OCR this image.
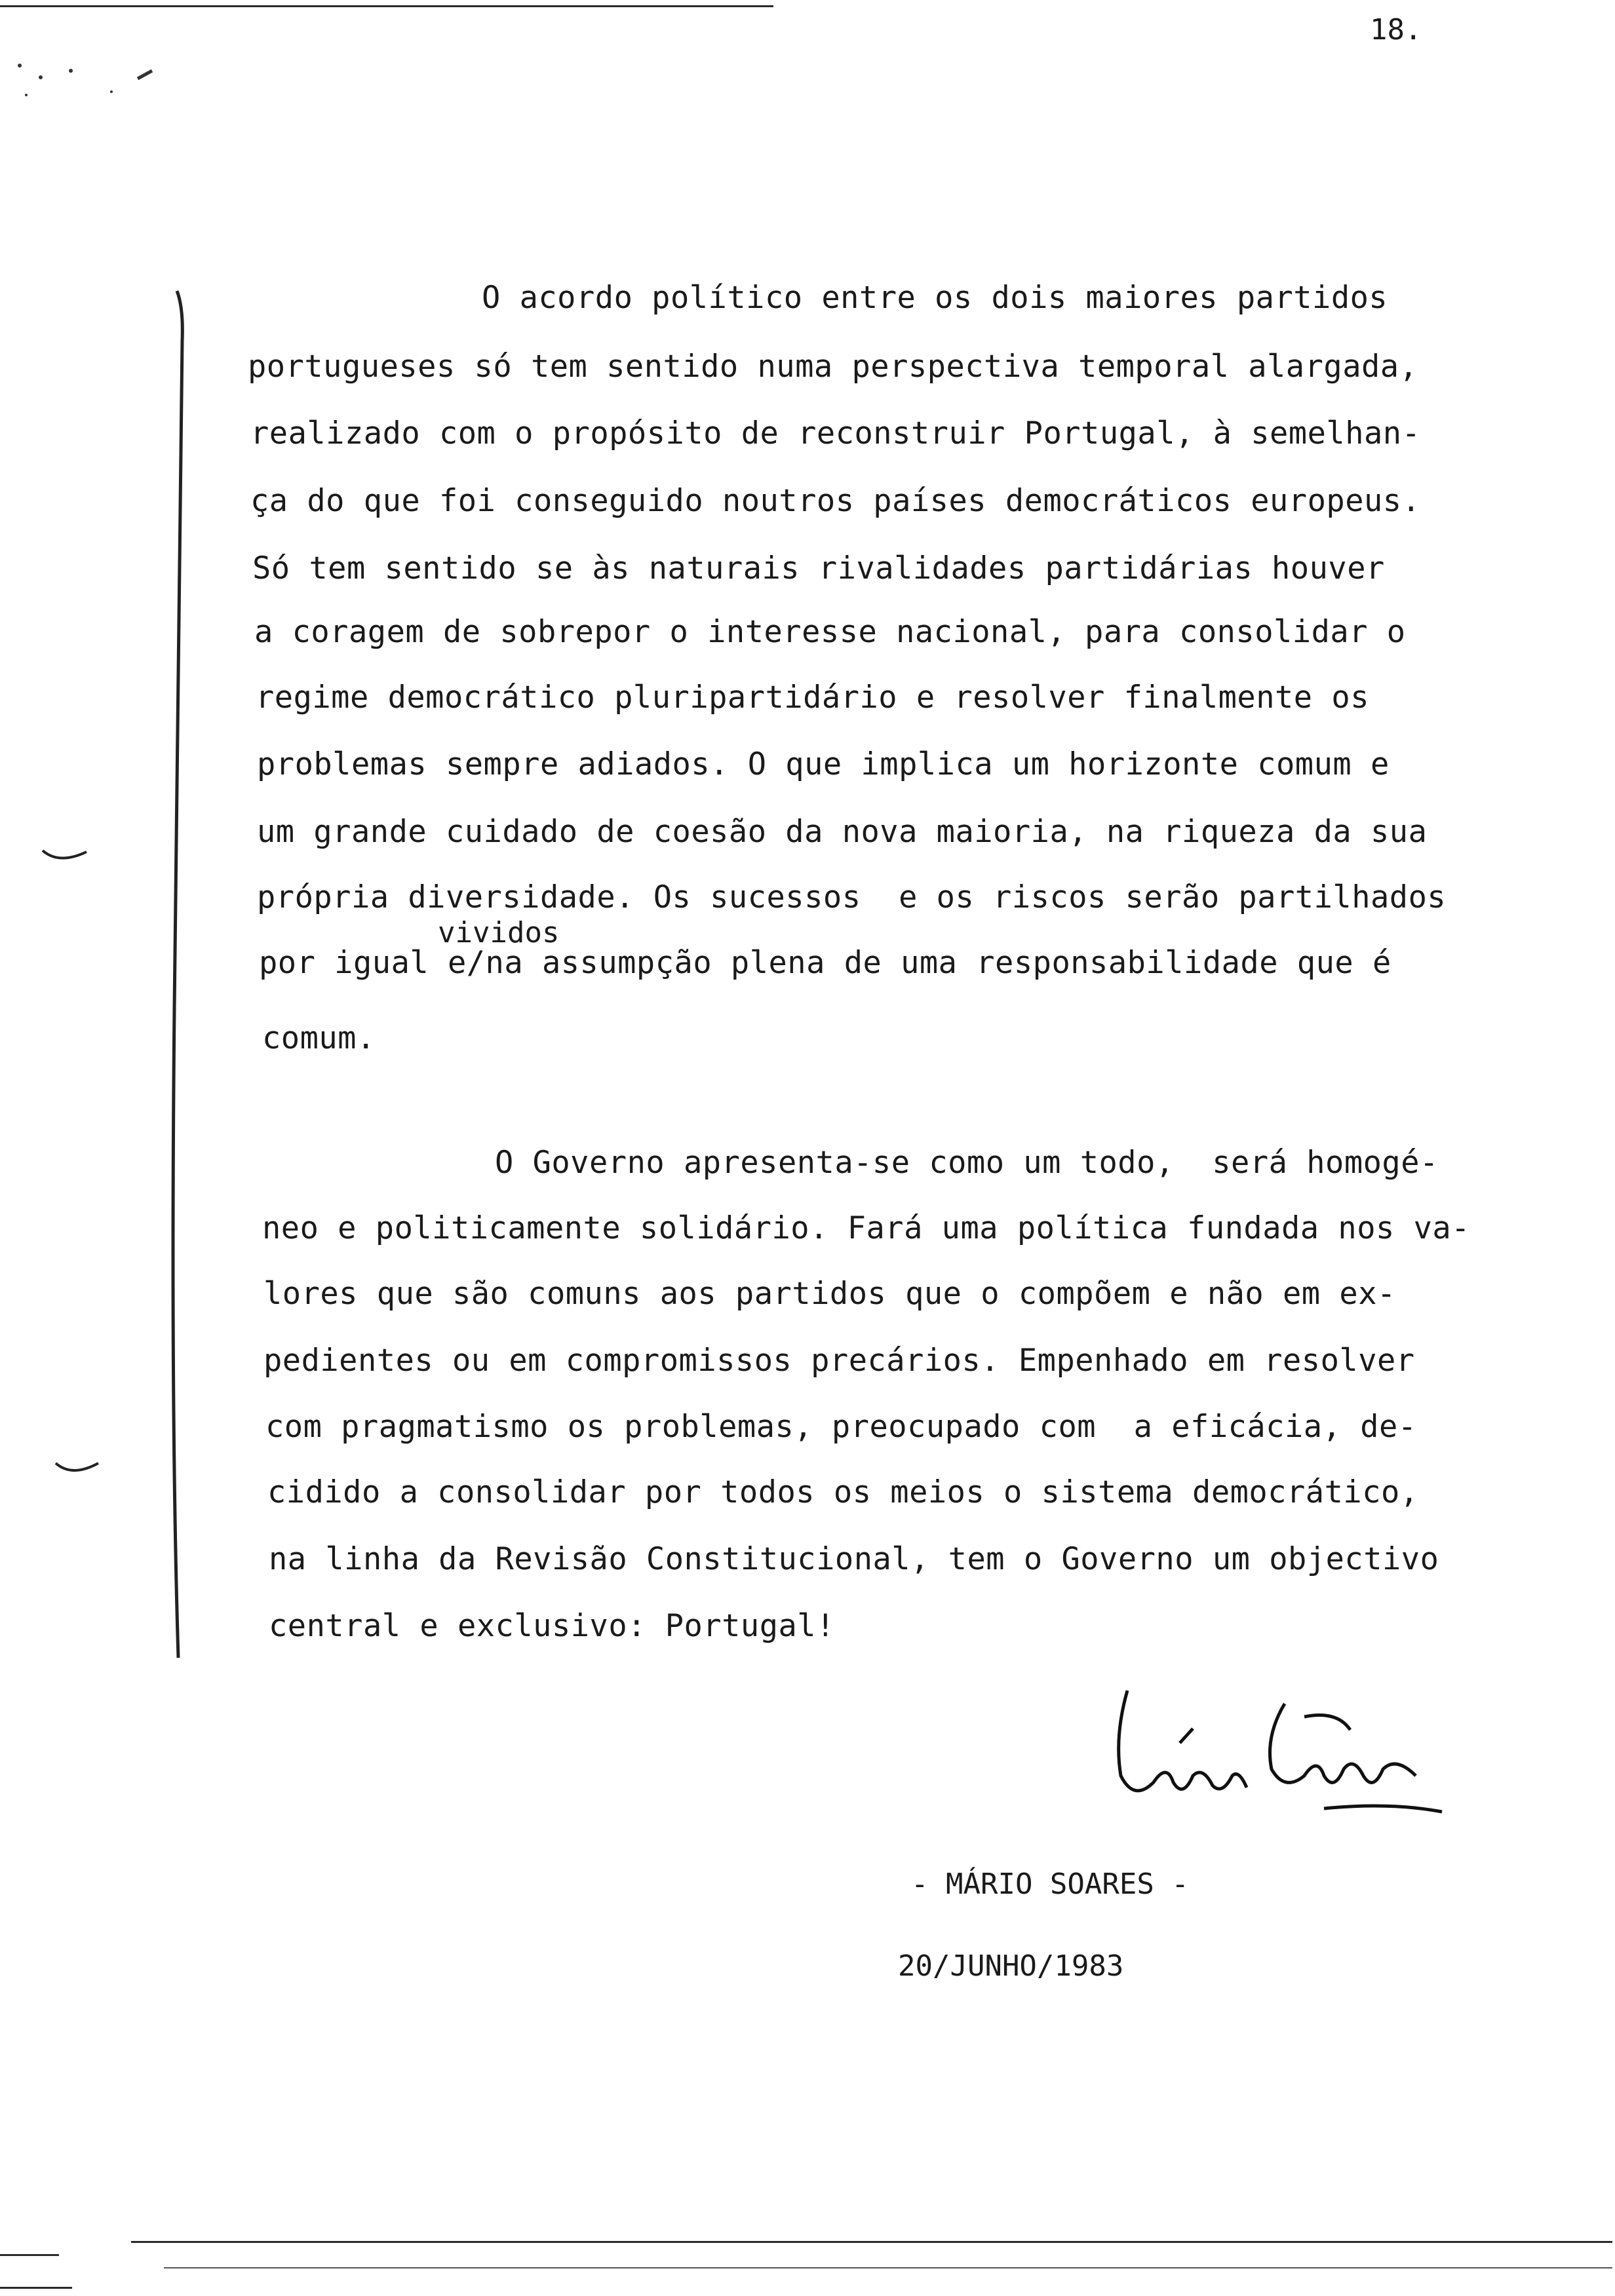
18.
O acordo político entre os dois maiores partidos
portugueses só tem sentido numa perspectiva temporal alargada,
realizado com o propósito de reconstruir Portugal, à semelhan-
ça do que foi conseguido noutros países democráticos europeus.
Só tem sentido se às naturais rivalidades partidárias houver
a coragem de sobrepor o interesse nacional, para consolidar o
regime democrático pluripartidário e resolver finalmente os
problemas sempre adiados. O que implica um horizonte comum e
um grande cuidado de coesão da nova maioria, na riqueza da sua
própria diversidade. Os sucessos  e os riscos serão partilhados
vividos
por igual e/na assumpção plena de uma responsabilidade que é
comum.
O Governo apresenta-se como um todo,  será homogé-
neo e politicamente solidário. Fará uma política fundada nos va-
lores que são comuns aos partidos que o compõem e não em ex-
pedientes ou em compromissos precários. Empenhado em resolver
com pragmatismo os problemas, preocupado com  a eficácia, de-
cidido a consolidar por todos os meios o sistema democrático,
na linha da Revisão Constitucional, tem o Governo um objectivo
central e exclusivo: Portugal!
- MÁRIO SOARES -
20/JUNHO/1983
